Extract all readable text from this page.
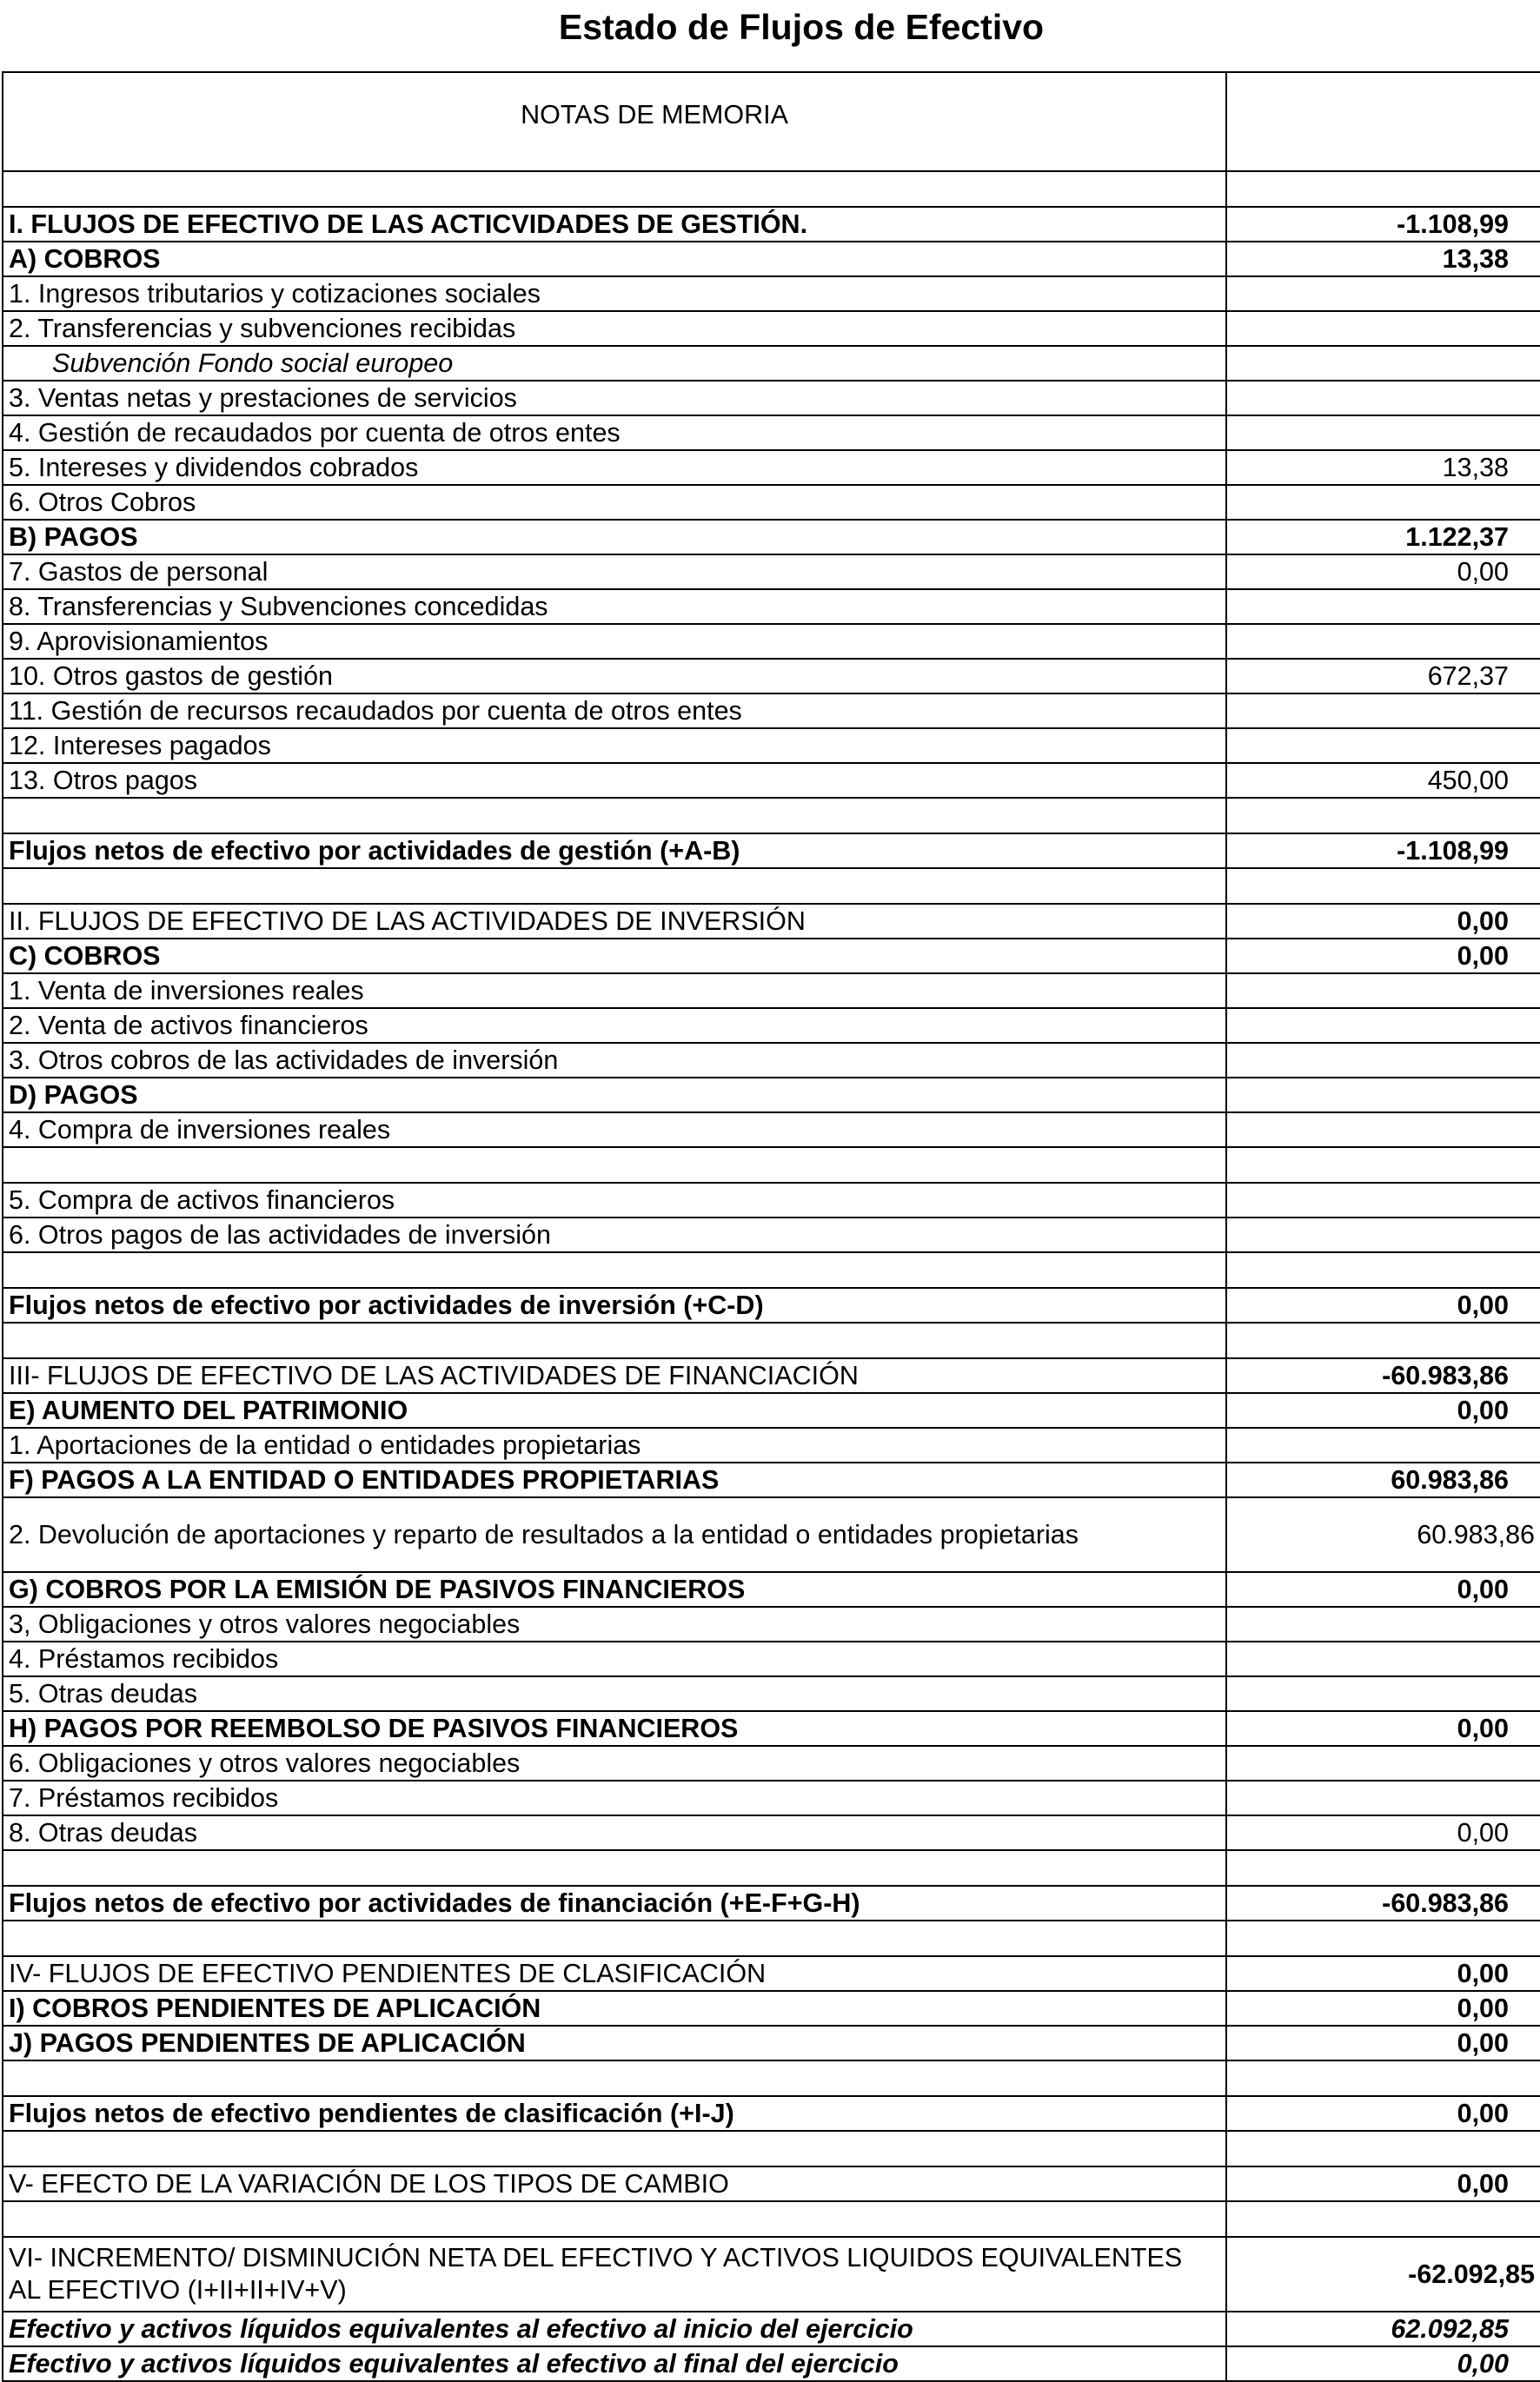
Estado de Flujos de Efectivo
NOTAS DE MEMORIA	

I. FLUJOS DE EFECTIVO DE LAS ACTICVIDADES DE GESTIÓN.	-1.108,99
A) COBROS	13,38
1. Ingresos tributarios y cotizaciones sociales	
2. Transferencias y subvenciones recibidas	
Subvención Fondo social europeo	
3. Ventas netas y prestaciones de servicios	
4. Gestión de recaudados por cuenta de otros entes	
5. Intereses y dividendos cobrados	13,38
6. Otros Cobros	
B) PAGOS	1.122,37
7. Gastos de personal	0,00
8. Transferencias y Subvenciones concedidas	
9. Aprovisionamientos	
10. Otros gastos de gestión	672,37
11. Gestión de recursos recaudados por cuenta de otros entes	
12. Intereses pagados	
13. Otros pagos	450,00

Flujos netos de efectivo por actividades de gestión (+A-B)	-1.108,99

II. FLUJOS DE EFECTIVO DE LAS ACTIVIDADES DE INVERSIÓN	0,00
C) COBROS	0,00
1. Venta de inversiones reales	
2. Venta de activos financieros	
3. Otros cobros de las actividades de inversión	
D) PAGOS	
4. Compra de inversiones reales	

5. Compra de activos financieros	
6. Otros pagos de las actividades de inversión	

Flujos netos de efectivo por actividades de inversión (+C-D)	0,00

III- FLUJOS DE EFECTIVO DE LAS ACTIVIDADES DE FINANCIACIÓN	-60.983,86
E) AUMENTO DEL PATRIMONIO	0,00
1. Aportaciones de la entidad o entidades propietarias	
F) PAGOS A LA ENTIDAD O ENTIDADES PROPIETARIAS	60.983,86
2. Devolución de aportaciones y reparto de resultados a la entidad o entidades propietarias	60.983,86
G) COBROS POR LA EMISIÓN DE PASIVOS FINANCIEROS	0,00
3, Obligaciones y otros valores negociables	
4. Préstamos recibidos	
5. Otras deudas	
H) PAGOS POR REEMBOLSO DE PASIVOS FINANCIEROS	0,00
6. Obligaciones y otros valores negociables	
7. Préstamos recibidos	
8. Otras deudas	0,00

Flujos netos de efectivo por actividades de financiación (+E-F+G-H)	-60.983,86

IV- FLUJOS DE EFECTIVO PENDIENTES DE CLASIFICACIÓN	0,00
I) COBROS PENDIENTES DE APLICACIÓN	0,00
J) PAGOS PENDIENTES DE APLICACIÓN	0,00

Flujos netos de efectivo pendientes de clasificación (+I-J)	0,00

V- EFECTO DE LA VARIACIÓN DE LOS TIPOS DE CAMBIO	0,00

VI- INCREMENTO/ DISMINUCIÓN NETA DEL EFECTIVO Y ACTIVOS LIQUIDOS EQUIVALENTES AL EFECTIVO (I+II+II+IV+V)	-62.092,85
Efectivo y activos líquidos equivalentes al efectivo al inicio del ejercicio	62.092,85
Efectivo y activos líquidos equivalentes al efectivo al final del ejercicio	0,00
